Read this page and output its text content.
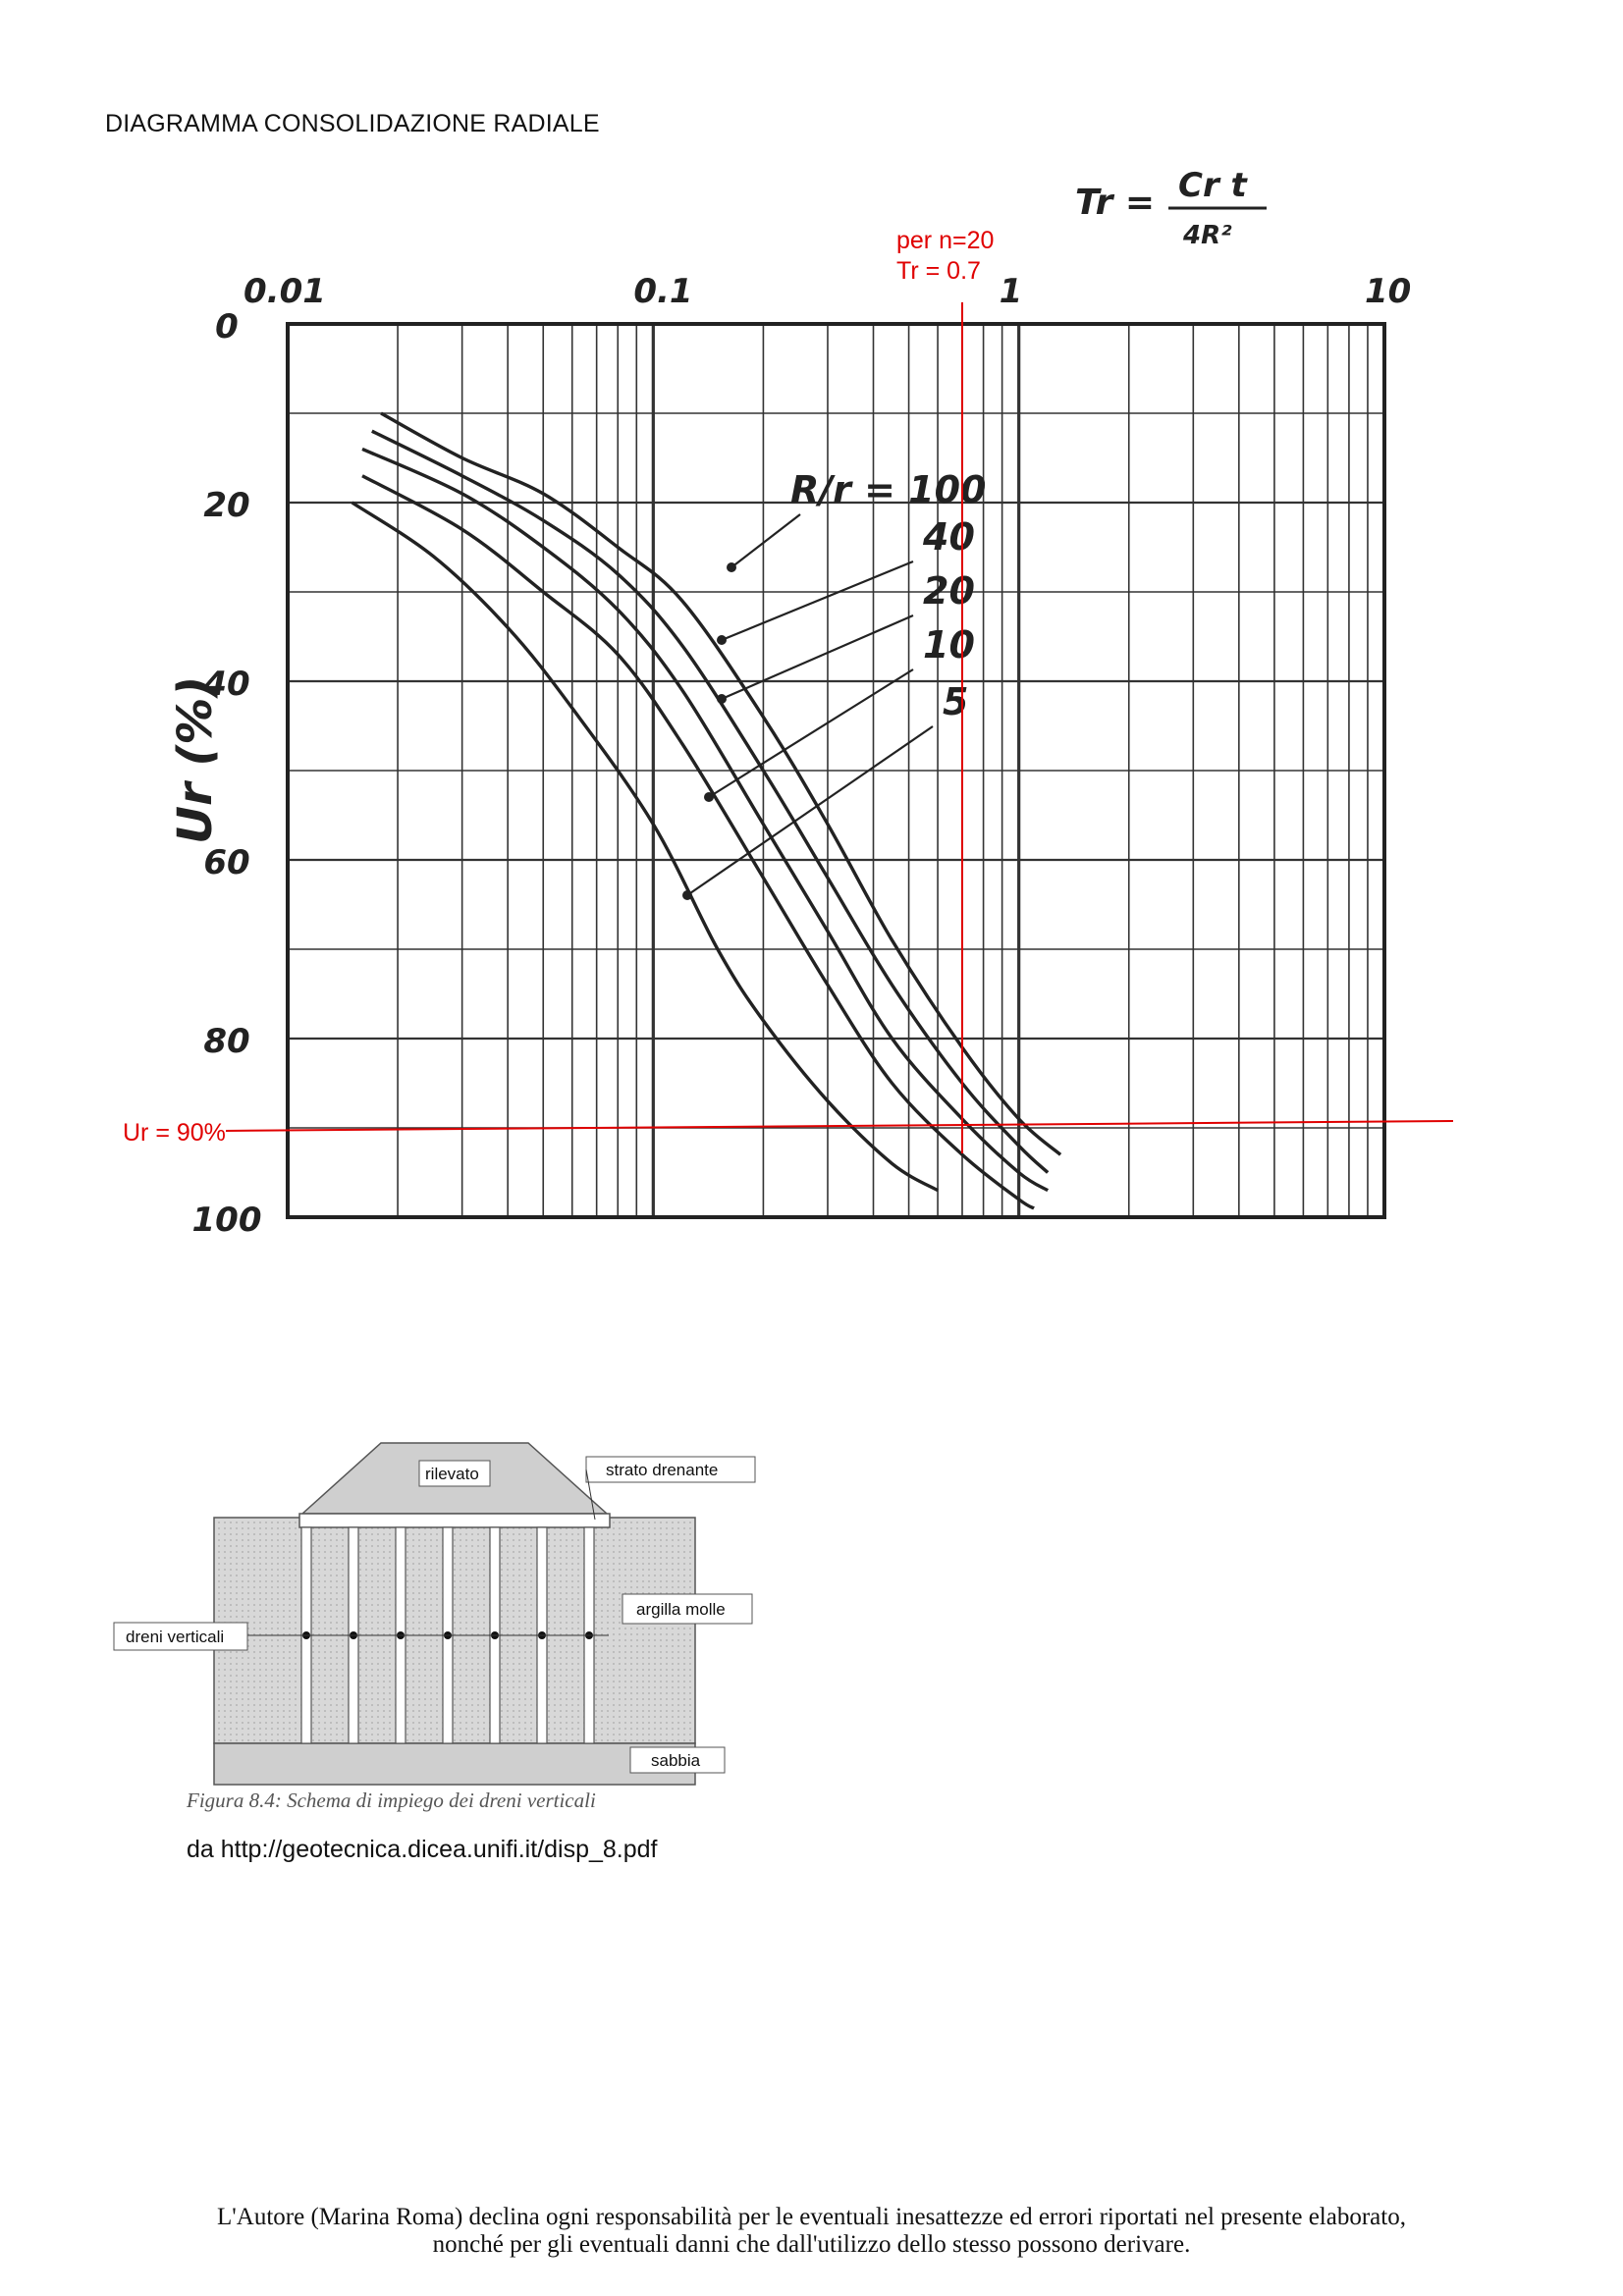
DIAGRAMMA CONSOLIDAZIONE RADIALE
Tr = Cr t
4R²
0.01	0.1	1	10
0
20
40
60
80
100
R/r = 100
40
20
10
5
Ur (%)
per n=20
Tr = 0.7
Ur = 90%
rilevato	strato drenante
argilla molle
dreni verticali
sabbia
Figura 8.4: Schema di impiego dei dreni verticali
da http://geotecnica.dicea.unifi.it/disp_8.pdf
L'Autore (Marina Roma) declina ogni responsabilità per le eventuali inesattezze ed errori riportati nel presente elaborato,
nonché per gli eventuali danni che dall'utilizzo dello stesso possono derivare.
